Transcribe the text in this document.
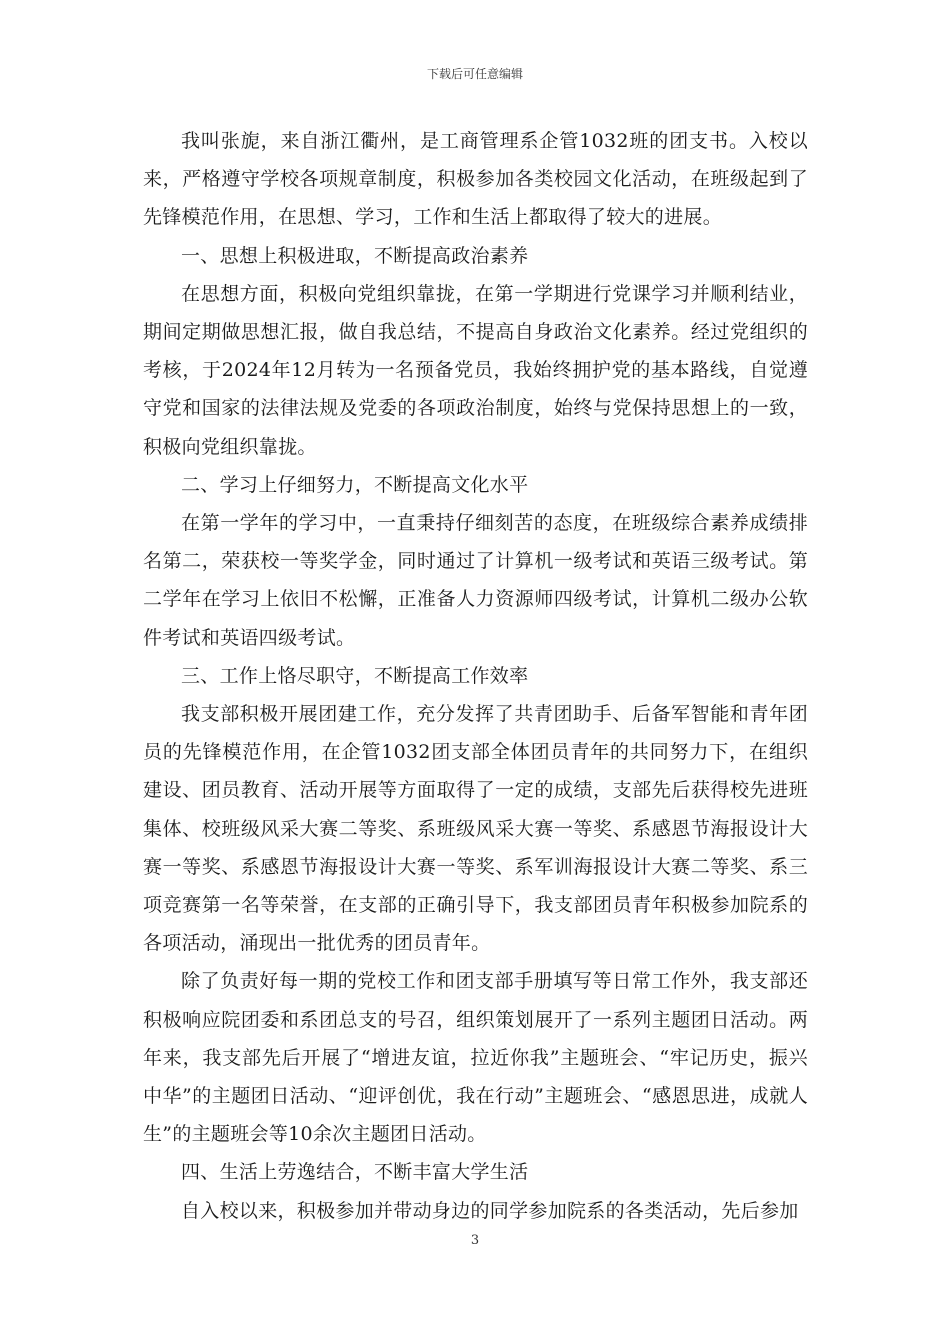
下载后可任意编辑

我叫张旎，来自浙江衢州，是工商管理系企管1032班的团支书。入校以来，严格遵守学校各项规章制度，积极参加各类校园文化活动，在班级起到了先锋模范作用，在思想、学习，工作和生活上都取得了较大的进展。

一、思想上积极进取，不断提高政治素养

在思想方面，积极向党组织靠拢，在第一学期进行党课学习并顺利结业，期间定期做思想汇报，做自我总结，不提高自身政治文化素养。经过党组织的考核，于2024年12月转为一名预备党员，我始终拥护党的基本路线，自觉遵守党和国家的法律法规及党委的各项政治制度，始终与党保持思想上的一致，积极向党组织靠拢。

二、学习上仔细努力，不断提高文化水平

在第一学年的学习中，一直秉持仔细刻苦的态度，在班级综合素养成绩排名第二，荣获校一等奖学金，同时通过了计算机一级考试和英语三级考试。第二学年在学习上依旧不松懈，正准备人力资源师四级考试，计算机二级办公软件考试和英语四级考试。

三、工作上恪尽职守，不断提高工作效率

我支部积极开展团建工作，充分发挥了共青团助手、后备军智能和青年团员的先锋模范作用，在企管1032团支部全体团员青年的共同努力下，在组织建设、团员教育、活动开展等方面取得了一定的成绩，支部先后获得校先进班集体、校班级风采大赛二等奖、系班级风采大赛一等奖、系感恩节海报设计大赛一等奖、系感恩节海报设计大赛一等奖、系军训海报设计大赛二等奖、系三项竞赛第一名等荣誉，在支部的正确引导下，我支部团员青年积极参加院系的各项活动，涌现出一批优秀的团员青年。

除了负责好每一期的党校工作和团支部手册填写等日常工作外，我支部还积极响应院团委和系团总支的号召，组织策划展开了一系列主题团日活动。两年来，我支部先后开展了“增进友谊，拉近你我”主题班会、“牢记历史，振兴中华”的主题团日活动、“迎评创优，我在行动”主题班会、“感恩思进，成就人生”的主题班会等10余次主题团日活动。

四、生活上劳逸结合，不断丰富大学生活

自入校以来，积极参加并带动身边的同学参加院系的各类活动，先后参加

3
